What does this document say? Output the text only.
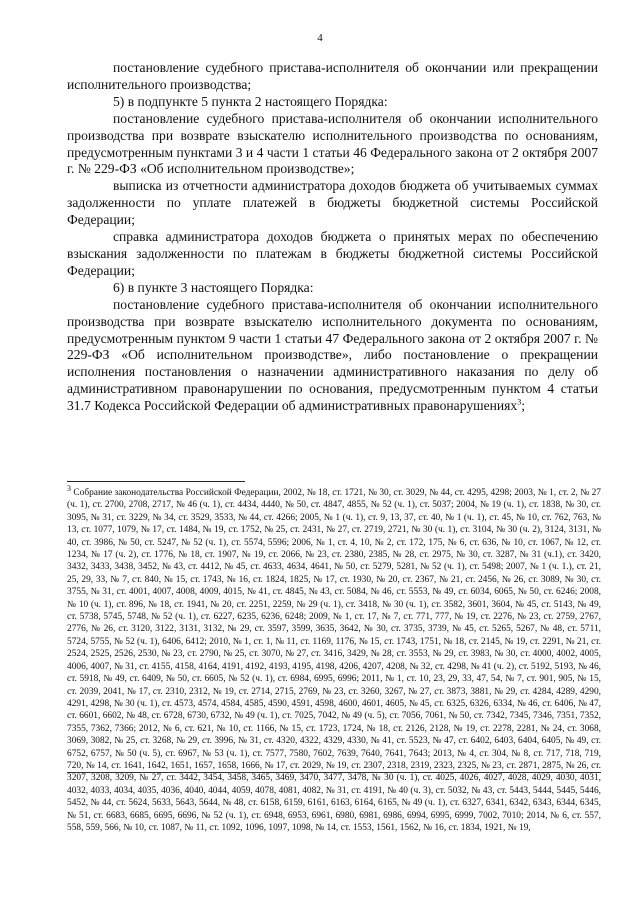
4

постановление судебного пристава-исполнителя об окончании или прекращении исполнительного производства;

5) в подпункте 5 пункта 2 настоящего Порядка:

постановление судебного пристава-исполнителя об окончании исполнительного производства при возврате взыскателю исполнительного производства по основаниям, предусмотренным пунктами 3 и 4 части 1 статьи 46 Федерального закона от 2 октября 2007 г. № 229-ФЗ «Об исполнительном производстве»;

выписка из отчетности администратора доходов бюджета об учитываемых суммах задолженности по уплате платежей в бюджеты бюджетной системы Российской Федерации;

справка администратора доходов бюджета о принятых мерах по обеспечению взыскания задолженности по платежам в бюджеты бюджетной системы Российской Федерации;

6) в пункте 3 настоящего Порядка:

постановление судебного пристава-исполнителя об окончании исполнительного производства при возврате взыскателю исполнительного документа по основаниям, предусмотренным пунктом 9 части 1 статьи 47 Федерального закона от 2 октября 2007 г. № 229-ФЗ «Об исполнительном производстве», либо постановление о прекращении исполнения постановления о назначении административного наказания по делу об административном правонарушении по основания, предусмотренным пунктом 4 статьи 31.7 Кодекса Российской Федерации об административных правонарушениях$^3$;

$^3$ Собрание законодательства Российской Федерации, 2002, № 18, ст. 1721, № 30, ст. 3029, № 44, ст. 4295, 4298; 2003, № 1, ст. 2, № 27 (ч. 1), ст. 2700, 2708, 2717, № 46 (ч. 1), ст. 4434, 4440, № 50, ст. 4847, 4855, № 52 (ч. 1), ст. 5037; 2004, № 19 (ч. 1), ст. 1838, № 30, ст. 3095, № 31, ст. 3229, № 34, ст. 3529, 3533, № 44, ст. 4266; 2005, № 1 (ч. 1), ст. 9, 13, 37, ст. 40, № 1 (ч. 1), ст. 45, № 10, ст. 762, 763, № 13, ст. 1077, 1079, № 17, ст. 1484, № 19, ст. 1752, № 25, ст. 2431, № 27, ст. 2719, 2721, № 30 (ч. 1), ст. 3104, № 30 (ч. 2), 3124, 3131, № 40, ст. 3986, № 50, ст. 5247, № 52 (ч. 1), ст. 5574, 5596; 2006, № 1, ст. 4, 10, № 2, ст. 172, 175, № 6, ст. 636, № 10, ст. 1067, № 12, ст. 1234, № 17 (ч. 2), ст. 1776, № 18, ст. 1907, № 19, ст. 2066, № 23, ст. 2380, 2385, № 28, ст. 2975, № 30, ст. 3287, № 31 (ч.1), ст. 3420, 3432, 3433, 3438, 3452, № 43, ст. 4412, № 45, ст. 4633, 4634, 4641, № 50, ст. 5279, 5281, № 52 (ч. 1), ст. 5498; 2007, № 1 (ч. 1.), ст. 21, 25, 29, 33, № 7, ст. 840, № 15, ст. 1743, № 16, ст. 1824, 1825, № 17, ст. 1930, № 20, ст. 2367, № 21, ст. 2456, № 26, ст. 3089, № 30, ст. 3755, № 31, ст. 4001, 4007, 4008, 4009, 4015, № 41, ст. 4845, № 43, ст. 5084, № 46, ст. 5553, № 49, ст. 6034, 6065, № 50, ст. 6246; 2008, № 10 (ч. 1), ст. 896, № 18, ст. 1941, № 20, ст. 2251, 2259, № 29 (ч. 1), ст. 3418, № 30 (ч. 1), ст. 3582, 3601, 3604, № 45, ст. 5143, № 49, ст. 5738, 5745, 5748, № 52 (ч. 1), ст. 6227, 6235, 6236, 6248; 2009, № 1, ст. 17, № 7, ст. 771, 777, № 19, ст. 2276, № 23, ст. 2759, 2767, 2776, № 26, ст. 3120, 3122, 3131, 3132, № 29, ст. 3597, 3599, 3635, 3642, № 30, ст. 3735, 3739, № 45, ст. 5265, 5267, № 48, ст. 5711, 5724, 5755, № 52 (ч. 1), 6406, 6412; 2010, № 1, ст. 1, № 11, ст. 1169, 1176, № 15, ст. 1743, 1751, № 18, ст. 2145, № 19, ст. 2291, № 21, ст. 2524, 2525, 2526, 2530, № 23, ст. 2790, № 25, ст. 3070, № 27, ст. 3416, 3429, № 28, ст. 3553, № 29, ст. 3983, № 30, ст. 4000, 4002, 4005, 4006, 4007, № 31, ст. 4155, 4158, 4164, 4191, 4192, 4193, 4195, 4198, 4206, 4207, 4208, № 32, ст. 4298, № 41 (ч. 2), ст. 5192, 5193, № 46, ст. 5918, № 49, ст. 6409, № 50, ст. 6605, № 52 (ч. 1), ст. 6984, 6995, 6996; 2011, № 1, ст. 10, 23, 29, 33, 47, 54, № 7, ст. 901, 905, № 15, ст. 2039, 2041, № 17, ст. 2310, 2312, № 19, ст. 2714, 2715, 2769, № 23, ст. 3260, 3267, № 27, ст. 3873, 3881, № 29, ст. 4284, 4289, 4290, 4291, 4298, № 30 (ч. 1), ст. 4573, 4574, 4584, 4585, 4590, 4591, 4598, 4600, 4601, 4605, № 45, ст. 6325, 6326, 6334, № 46, ст. 6406, № 47, ст. 6601, 6602, № 48, ст. 6728, 6730, 6732, № 49 (ч. 1), ст. 7025, 7042, № 49 (ч. 5), ст. 7056, 7061, № 50, ст. 7342, 7345, 7346, 7351, 7352, 7355, 7362, 7366; 2012, № 6, ст. 621, № 10, ст. 1166, № 15, ст. 1723, 1724, № 18, ст. 2126, 2128, № 19, ст. 2278, 2281, № 24, ст. 3068, 3069, 3082, № 25, ст. 3268, № 29, ст. 3996, № 31, ст. 4320, 4322, 4329, 4330, № 41, ст. 5523, № 47, ст. 6402, 6403, 6404, 6405, № 49, ст. 6752, 6757, № 50 (ч. 5), ст. 6967, № 53 (ч. 1), ст. 7577, 7580, 7602, 7639, 7640, 7641, 7643; 2013, № 4, ст. 304, № 8, ст. 717, 718, 719, 720, № 14, ст. 1641, 1642, 1651, 1657, 1658, 1666, № 17, ст. 2029, № 19, ст. 2307, 2318, 2319, 2323, 2325, № 23, ст. 2871, 2875, № 26, ст. 3207, 3208, 3209, № 27, ст. 3442, 3454, 3458, 3465, 3469, 3470, 3477, 3478, № 30 (ч. 1), ст. 4025, 4026, 4027, 4028, 4029, 4030, 4031, 4032, 4033, 4034, 4035, 4036, 4040, 4044, 4059, 4078, 4081, 4082, № 31, ст. 4191, № 40 (ч. 3), ст. 5032, № 43, ст. 5443, 5444, 5445, 5446, 5452, № 44, ст. 5624, 5633, 5643, 5644, № 48, ст. 6158, 6159, 6161, 6163, 6164, 6165, № 49 (ч. 1), ст. 6327, 6341, 6342, 6343, 6344, 6345, № 51, ст. 6683, 6685, 6695, 6696, № 52 (ч. 1), ст. 6948, 6953, 6961, 6980, 6981, 6986, 6994, 6995, 6999, 7002, 7010; 2014, № 6, ст. 557, 558, 559, 566, № 10, ст. 1087, № 11, ст. 1092, 1096, 1097, 1098, № 14, ст. 1553, 1561, 1562, № 16, ст. 1834, 1921, № 19,
